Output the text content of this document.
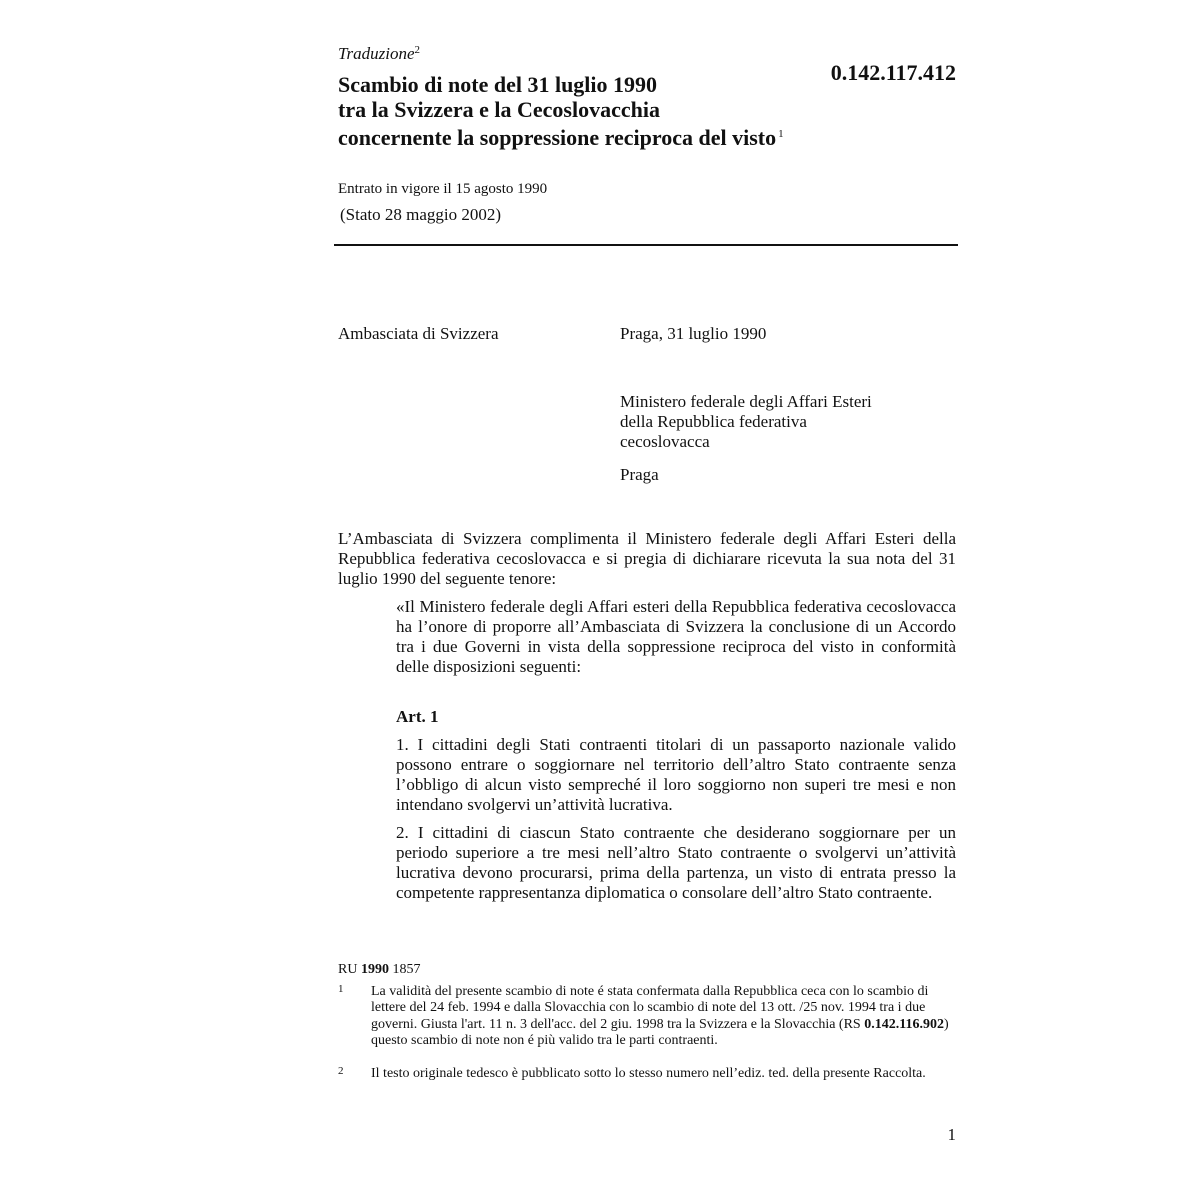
Traduzione$^2$
0.142.117.412
Scambio di note del 31 luglio 1990
tra la Svizzera e la Cecoslovacchia
concernente la soppressione reciproca del visto $^1$
Entrato in vigore il 15 agosto 1990
(Stato 28 maggio 2002)
Ambasciata di Svizzera	Praga, 31 luglio 1990
Ministero federale degli Affari Esteri
della Repubblica federativa
cecoslovacca
Praga
L’Ambasciata di Svizzera complimenta il Ministero federale degli Affari Esteri della Repubblica federativa cecoslovacca e si pregia di dichiarare ricevuta la sua nota del 31 luglio 1990 del seguente tenore:
«Il Ministero federale degli Affari esteri della Repubblica federativa cecoslovacca ha l’onore di proporre all’Ambasciata di Svizzera la conclusione di un Accordo tra i due Governi in vista della soppressione reciproca del visto in conformità delle disposizioni seguenti:
Art. 1
1. I cittadini degli Stati contraenti titolari di un passaporto nazionale valido possono entrare o soggiornare nel territorio dell’altro Stato contraente senza l’obbligo di alcun visto sempreché il loro soggiorno non superi tre mesi e non intendano svolgervi un’attività lucrativa.
2. I cittadini di ciascun Stato contraente che desiderano soggiornare per un periodo superiore a tre mesi nell’altro Stato contraente o svolgervi un’attività lucrativa devono procurarsi, prima della partenza, un visto di entrata presso la competente rappresentanza diplomatica o consolare dell’altro Stato contraente.
RU 1990 1857
1 La validità del presente scambio di note é stata confermata dalla Repubblica ceca con lo scambio di lettere del 24 feb. 1994 e dalla Slovacchia con lo scambio di note del 13 ott. /25 nov. 1994 tra i due governi. Giusta l'art. 11 n. 3 dell'acc. del 2 giu. 1998 tra la Svizzera e la Slovacchia (RS 0.142.116.902) questo scambio di note non é più valido tra le parti contraenti.
2 Il testo originale tedesco è pubblicato sotto lo stesso numero nell’ediz. ted. della presente Raccolta.
1
